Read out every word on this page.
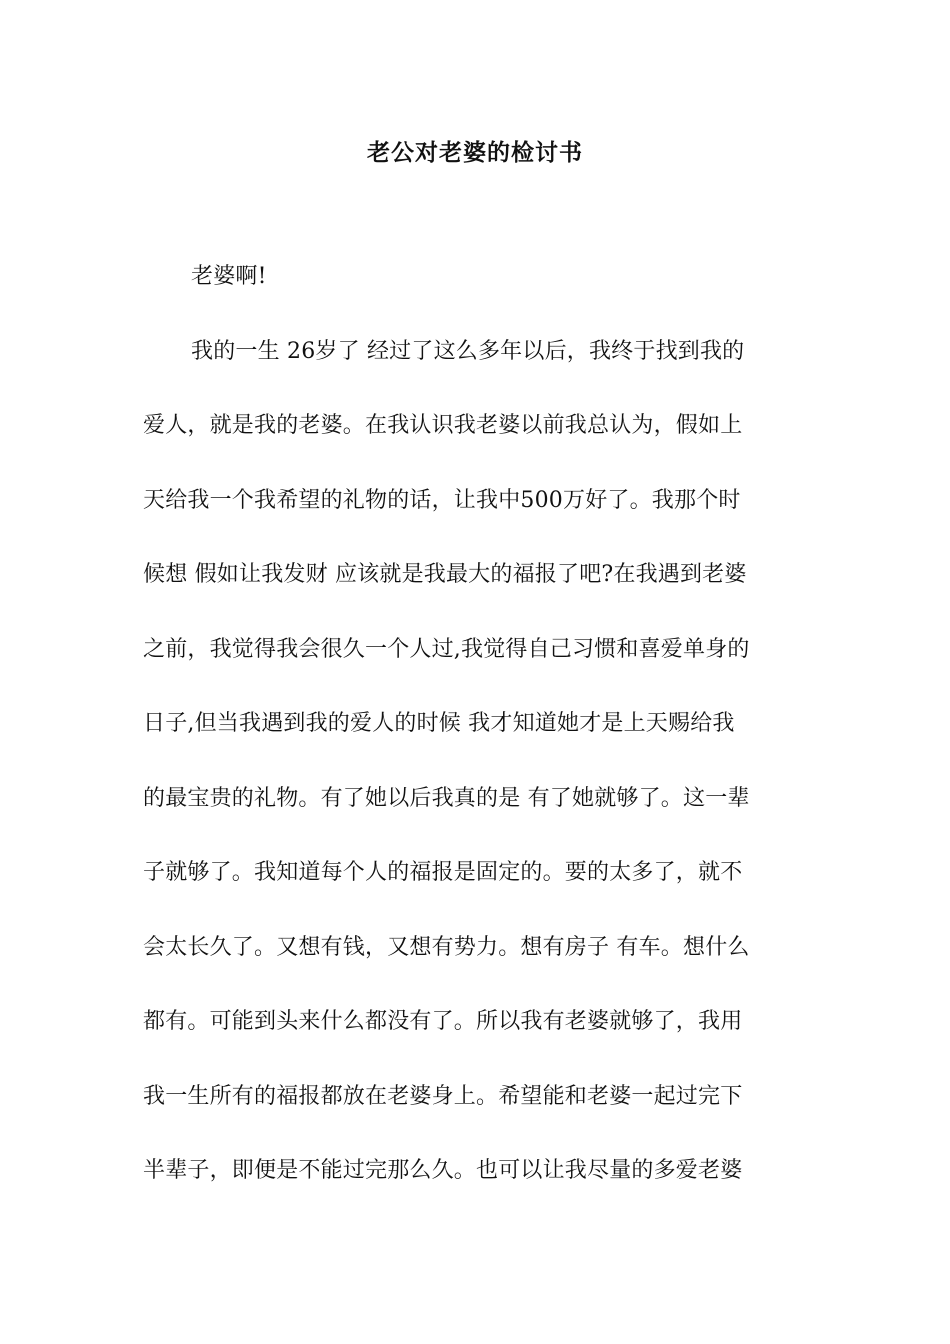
老公对老婆的检讨书
老婆啊!
我的一生 26岁了 经过了这么多年以后，我终于找到我的
爱人，就是我的老婆。在我认识我老婆以前我总认为，假如上
天给我一个我希望的礼物的话，让我中500万好了。我那个时
候想 假如让我发财 应该就是我最大的福报了吧?在我遇到老婆
之前，我觉得我会很久一个人过,我觉得自己习惯和喜爱单身的
日子,但当我遇到我的爱人的时候 我才知道她才是上天赐给我
的最宝贵的礼物。有了她以后我真的是 有了她就够了。这一辈
子就够了。我知道每个人的福报是固定的。要的太多了，就不
会太长久了。又想有钱，又想有势力。想有房子 有车。想什么
都有。可能到头来什么都没有了。所以我有老婆就够了，我用
我一生所有的福报都放在老婆身上。希望能和老婆一起过完下
半辈子，即便是不能过完那么久。也可以让我尽量的多爱老婆
